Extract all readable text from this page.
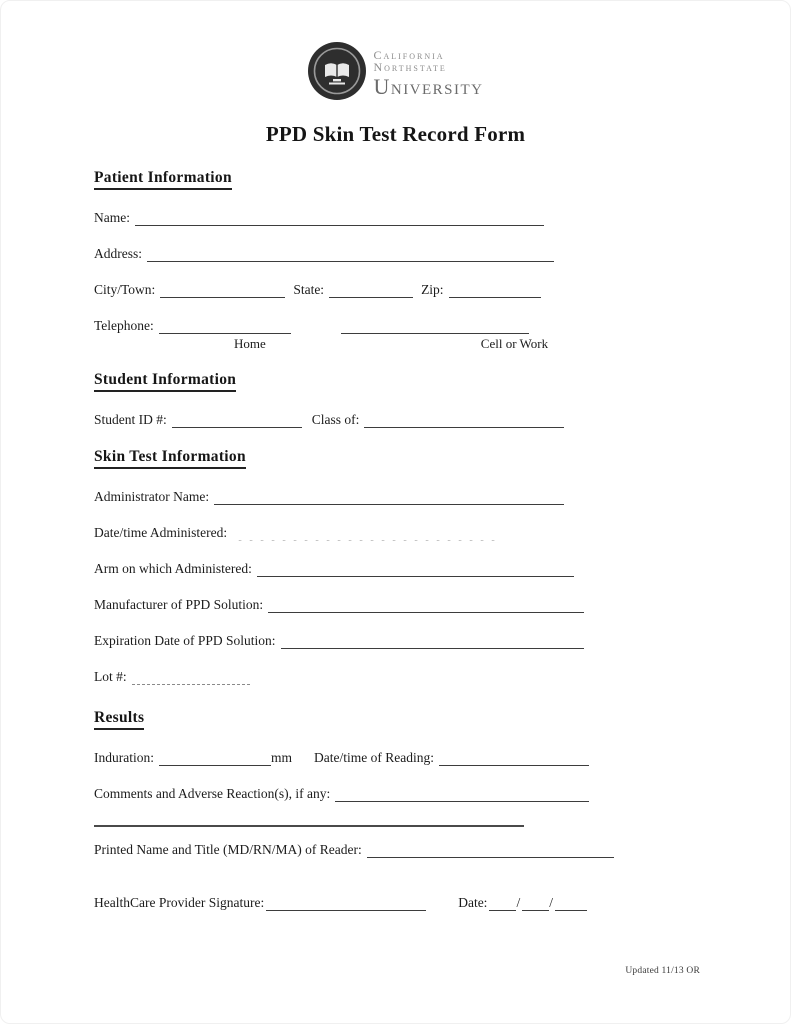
California
Northstate
University
PPD Skin Test Record Form
Patient Information
Name:
Address:
City/Town:	State:	Zip:
Telephone:
Home	Cell or Work
Student Information
Student ID #:	Class of:
Skin Test Information
Administrator Name:
Date/time Administered:
Arm on which Administered:
Manufacturer of PPD Solution:
Expiration Date of PPD Solution:
Lot #:
Results
Induration:	mm Date/time of Reading:
Comments and Adverse Reaction(s), if any:
Printed Name and Title (MD/RN/MA) of Reader:
HealthCare Provider Signature:	Date: / /
Updated 11/13 OR
